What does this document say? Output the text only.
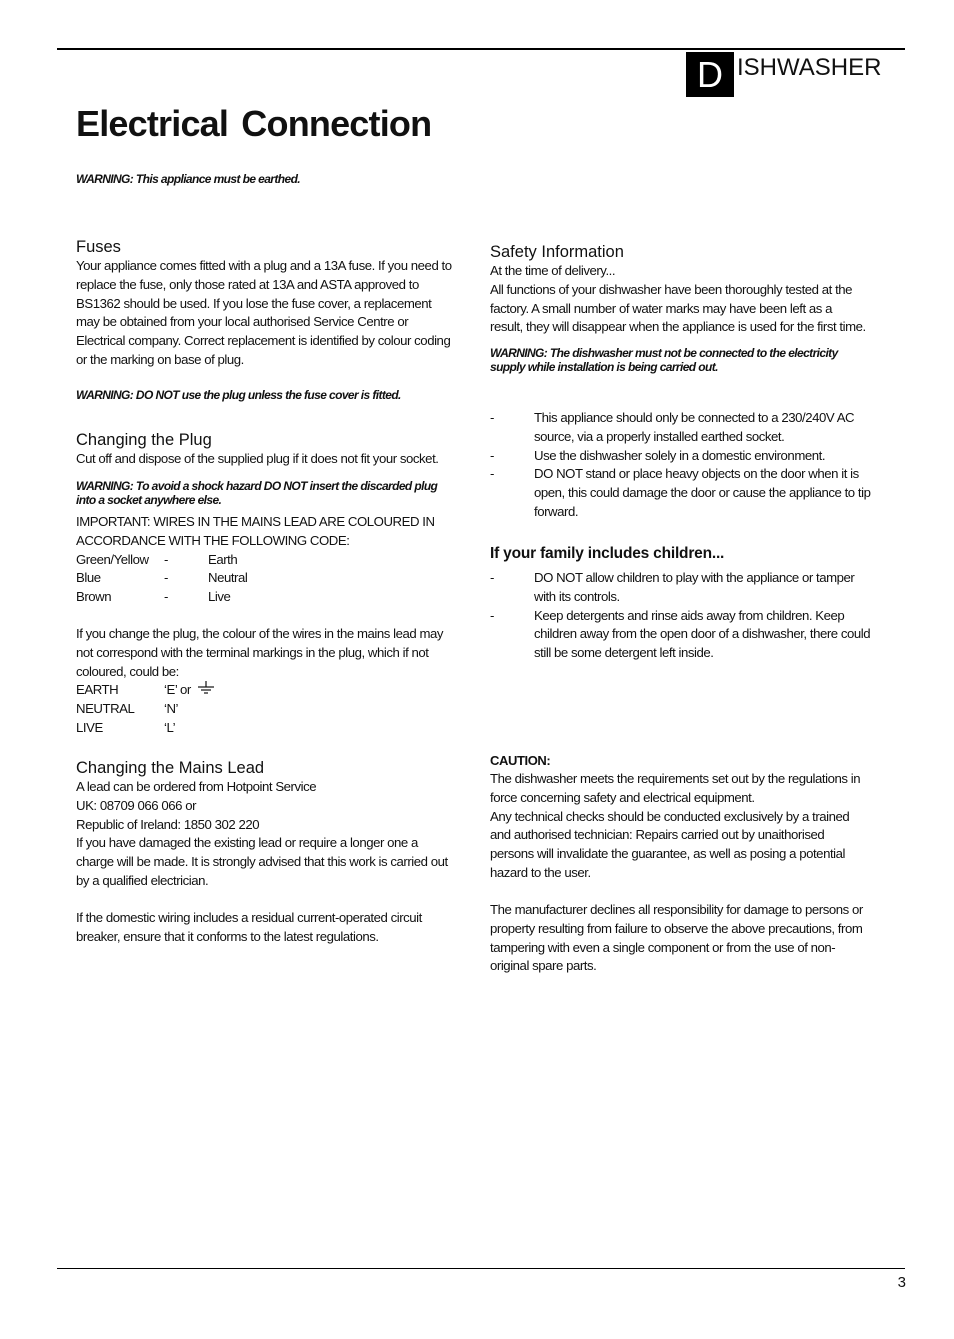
D ISHWASHER
Electrical Connection
WARNING: This appliance must be earthed.

Fuses

Your appliance comes fitted with a plug and a 13A fuse. If you need to
replace the fuse, only those rated at 13A and ASTA approved to
BS1362 should be used. If you lose the fuse cover, a replacement
may be obtained from your local authorised Service Centre or
Electrical company. Correct replacement is identified by colour coding
or the marking on base of plug.
WARNING: DO NOT use the plug unless the fuse cover is fitted.

Changing the Plug

Cut off and dispose of the supplied plug if it does not fit your socket.
WARNING: To avoid a shock hazard DO NOT insert the discarded plug
into a socket anywhere else.
IMPORTANT: WIRES IN THE MAINS LEAD ARE COLOURED IN
ACCORDANCE WITH THE FOLLOWING CODE:
Green/Yellow	-	Earth
Blue	-	Neutral
Brown	-	Live
If you change the plug, the colour of the wires in the mains lead may
not correspond with the terminal markings in the plug, which if not
coloured, could be:
EARTH	‘E’ or
NEUTRAL	‘N’
LIVE	‘L’

Changing the Mains Lead

A lead can be ordered from Hotpoint Service
UK: 08709 066 066 or
Republic of Ireland: 1850 302 220
If you have damaged the existing lead or require a longer one a
charge will be made. It is strongly advised that this work is carried out
by a qualified electrician.
If the domestic wiring includes a residual current-operated circuit
breaker, ensure that it conforms to the latest regulations.

Safety Information

At the time of delivery...
All functions of your dishwasher have been thoroughly tested at the
factory. A small number of water marks may have been left as a
result, they will disappear when the appliance is used for the first time.
WARNING: The dishwasher must not be connected to the electricity
supply while installation is being carried out.
-	This appliance should only be connected to a 230/240V AC
source, via a properly installed earthed socket.
-	Use the dishwasher solely in a domestic environment.
-	DO NOT stand or place heavy objects on the door when it is
open, this could damage the door or cause the appliance to tip
forward.
If your family includes children...
-	DO NOT allow children to play with the appliance or tamper
with its controls.
-	Keep detergents and rinse aids away from children. Keep
children away from the open door of a dishwasher, there could
still be some detergent left inside.
CAUTION:
The dishwasher meets the requirements set out by the regulations in
force concerning safety and electrical equipment.
Any technical checks should be conducted exclusively by a trained
and authorised technician: Repairs carried out by unaithorised
persons will invalidate the guarantee, as well as posing a potential
hazard to the user.
The manufacturer declines all responsibility for damage to persons or
property resulting from failure to observe the above precautions, from
tampering with even a single component or from the use of non-
original spare parts.
3
